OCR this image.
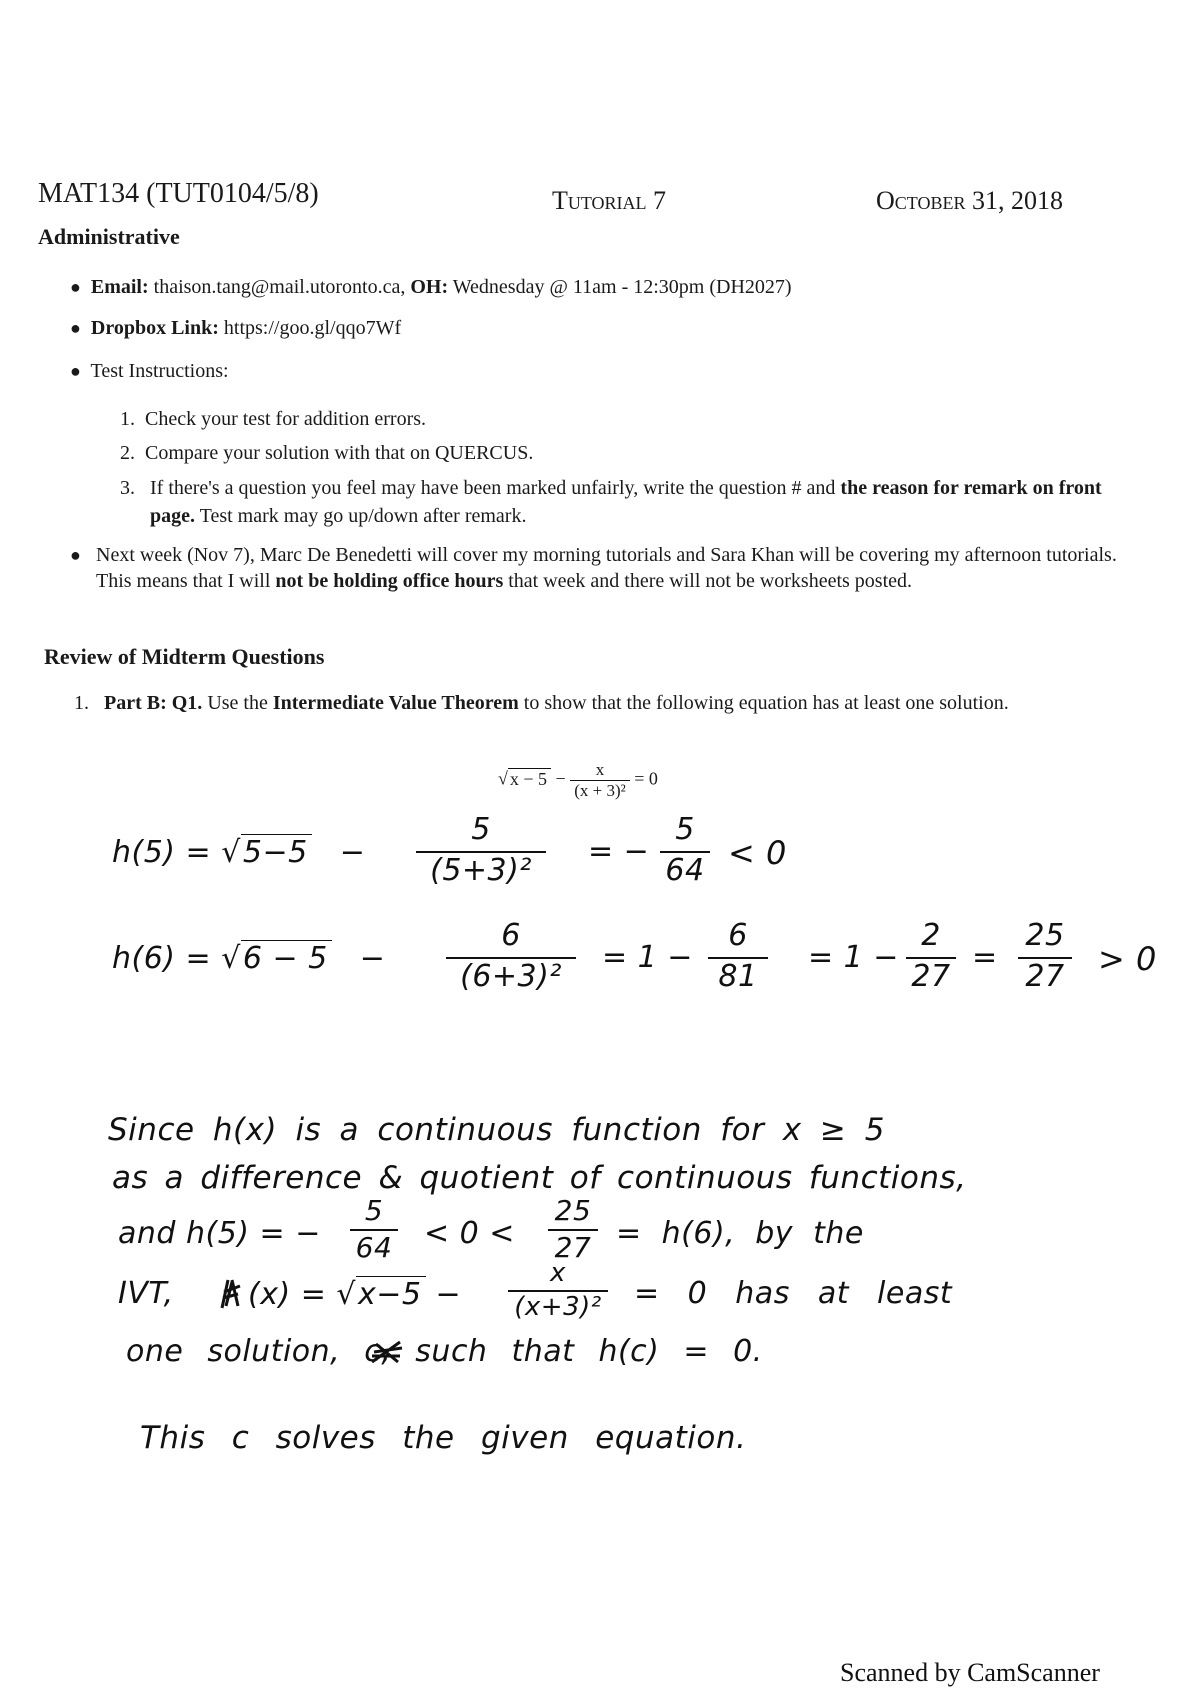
MAT134 (TUT0104/5/8)	Tutorial 7	October 31, 2018
Administrative
● Email: thaison.tang@mail.utoronto.ca, OH: Wednesday @ 11am - 12:30pm (DH2027)
● Dropbox Link: https://goo.gl/qqo7Wf
● Test Instructions:
1. Check your test for addition errors.
2. Compare your solution with that on QUERCUS.
3. If there's a question you feel may have been marked unfairly, write the question # and the reason for remark on front page. Test mark may go up/down after remark.
● Next week (Nov 7), Marc De Benedetti will cover my morning tutorials and Sara Khan will be covering my afternoon tutorials. This means that I will not be holding office hours that week and there will not be worksheets posted.
Review of Midterm Questions
1. Part B: Q1. Use the Intermediate Value Theorem to show that the following equation has at least one solution.
√ $x - 5 - \frac{x}{\text{(x + 3)²}} = 0$
h(5) = √5−5 −	$\frac{5}{\text{(5+3)²}}$ = − $\frac{5}{64} < 0$
h(6) = √6 − 5 −	$\frac{6}{\text{(6+3)²}} = 1 - \frac{6}{81} = 1 - \frac{2}{27} = \frac{25}{27} > 0$
Since h(x) is a continuous function for x ≥ 5
as a difference & quotient of continuous functions,
and h(5) = − $\frac{5}{64} < 0 < \frac{25}{27} = h(6)$, by the
IVT, $(x) = √x-5 - \frac{x}{\text{(x+3)²}} = 0$ has at least
one solution, c, such that h(c) = 0.
This c solves the given equation.
Scanned by CamScanner
